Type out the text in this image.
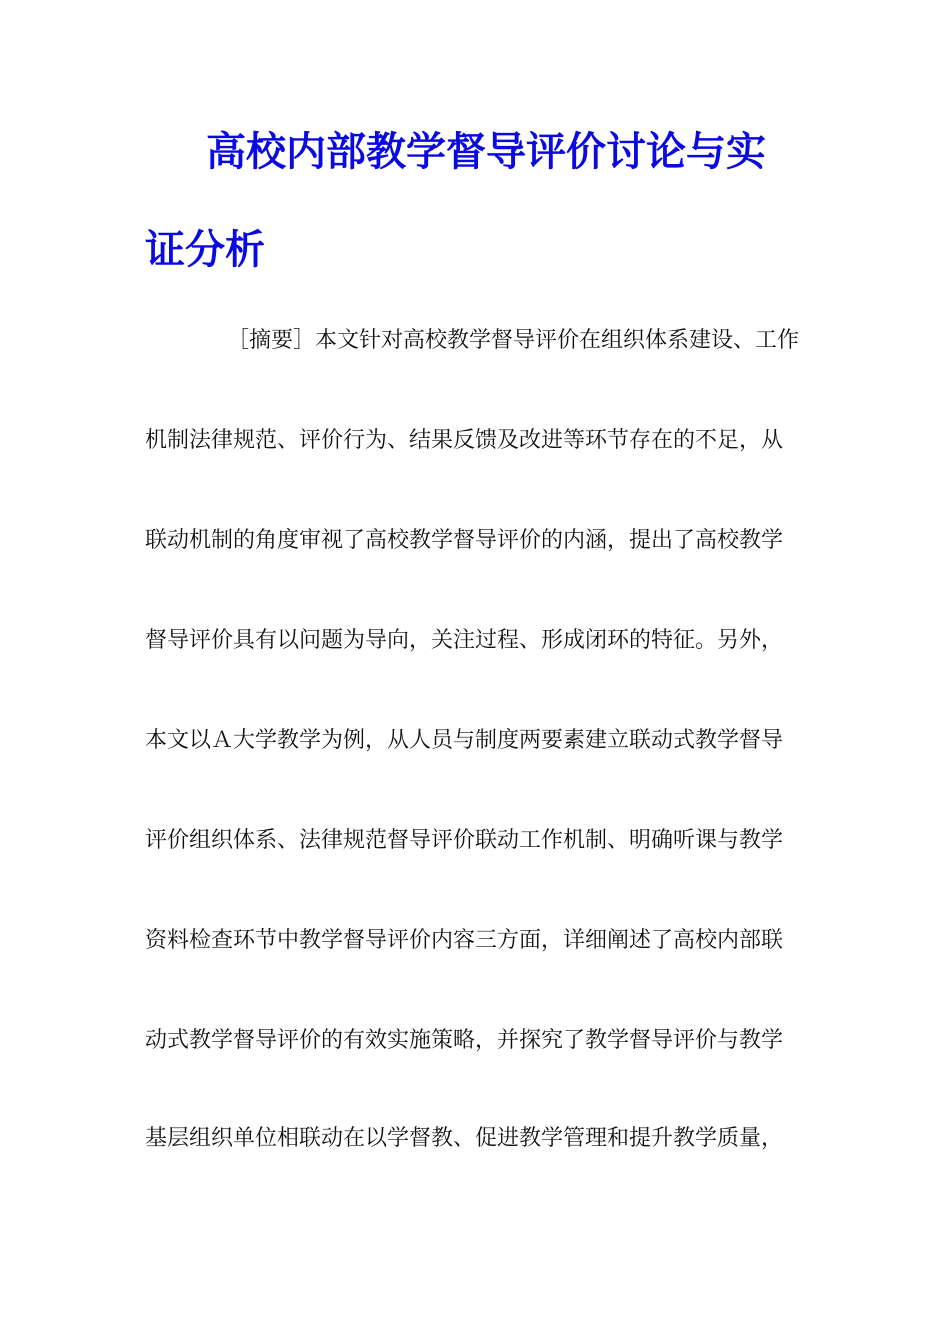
高校内部教学督导评价讨论与实
证分析

［摘要］本文针对高校教学督导评价在组织体系建设、工作

机制法律规范、评价行为、结果反馈及改进等环节存在的不足，从

联动机制的角度审视了高校教学督导评价的内涵，提出了高校教学

督导评价具有以问题为导向，关注过程、形成闭环的特征。另外，

本文以Ａ大学教学为例，从人员与制度两要素建立联动式教学督导

评价组织体系、法律规范督导评价联动工作机制、明确听课与教学

资料检查环节中教学督导评价内容三方面，详细阐述了高校内部联

动式教学督导评价的有效实施策略，并探究了教学督导评价与教学

基层组织单位相联动在以学督教、促进教学管理和提升教学质量，
